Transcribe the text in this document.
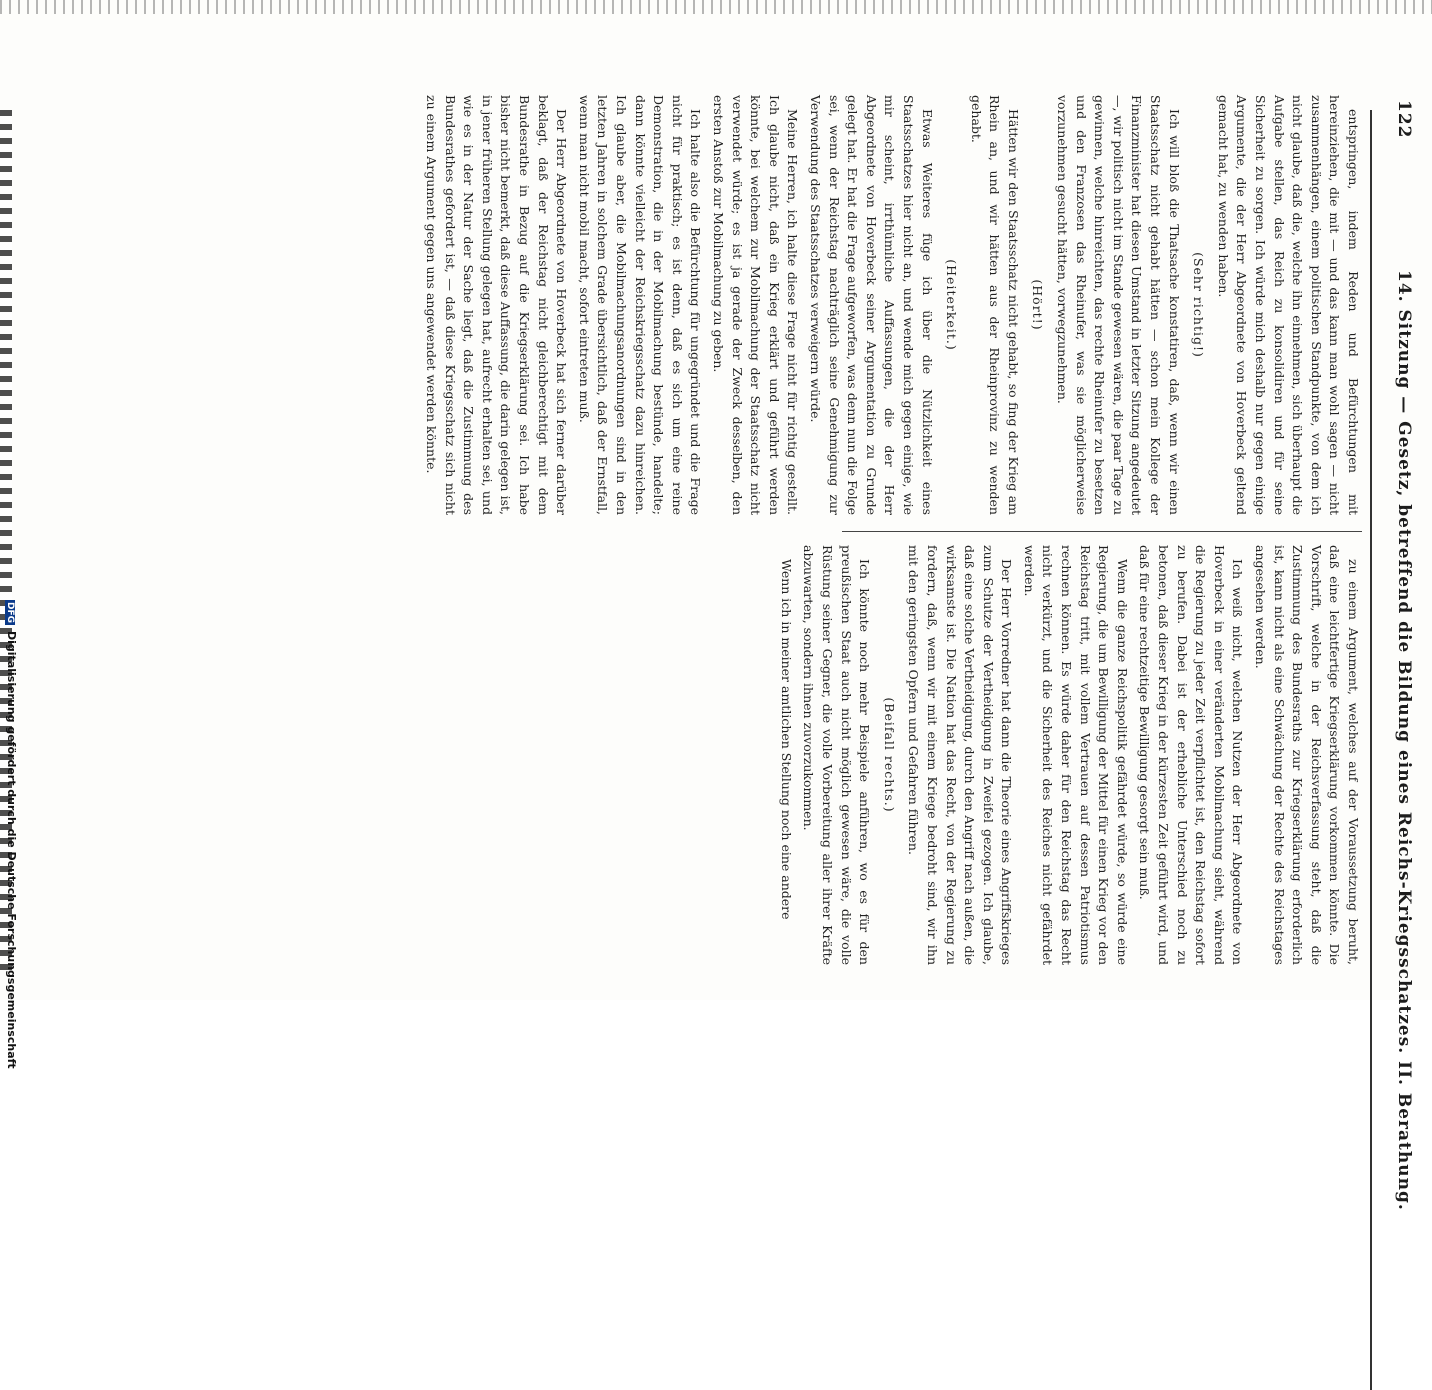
122
14. Sitzung — Gesetz, betreffend die Bildung eines Reichs-Kriegsschatzes. II. Berathung.

entspringen, indem Reden und Befürchtungen mit hereinziehen, die mit — und das kann man wohl sagen — nicht zusammenhängen, einem politischen Standpunkte, von dem ich nicht glaube, daß die, welche ihn einnehmen, sich überhaupt die Aufgabe stellen, das Reich zu konsolidiren und für seine Sicherheit zu sorgen. Ich würde mich deshalb nur gegen einige Argumente, die der Herr Abgeordnete von Hoverbeck geltend gemacht hat, zu wenden haben.

(Sehr richtig!)

Ich will bloß die Thatsache konstatiren, daß, wenn wir einen Staatsschatz nicht gehabt hätten — schon mein Kollege der Finanzminister hat diesen Umstand in letzter Sitzung angedeutet —, wir politisch nicht im Stande gewesen wären, die paar Tage zu gewinnen, welche hinreichten, das rechte Rheinufer zu besetzen und den Franzosen das Rheinufer, was sie möglicherweise vorzunehmen gesucht hätten, vorwegzunehmen.

(Hört!)

Hätten wir den Staatsschatz nicht gehabt, so fing der Krieg am Rhein an, und wir hätten aus der Rheinprovinz zu wenden gehabt.

(Heiterkeit.)

Etwas Weiteres füge ich über die Nützlichkeit eines Staatsschatzes hier nicht an, und wende mich gegen einige, wie mir scheint, irrthümliche Auffassungen, die der Herr Abgeordnete von Hoverbeck seiner Argumentation zu Grunde gelegt hat. Er hat die Frage aufgeworfen, was denn nun die Folge sei, wenn der Reichstag nachträglich seine Genehmigung zur Verwendung des Staatsschatzes verweigern würde.

Meine Herren, ich halte diese Frage nicht für richtig gestellt. Ich glaube nicht, daß ein Krieg erklärt und geführt werden könnte, bei welchem zur Mobilmachung der Staatsschatz nicht verwendet würde; es ist ja gerade der Zweck desselben, den ersten Anstoß zur Mobilmachung zu geben.

Ich halte also die Befürchtung für ungegründet und die Frage nicht für praktisch; es ist denn, daß es sich um eine reine Demonstration, die in der Mobilmachung bestünde, handelte; dann könnte vielleicht der Reichskriegsschatz dazu hinreichen. Ich glaube aber, die Mobilmachungsanordnungen sind in den letzten Jahren in solchem Grade übersichtlich, daß der Ernstfall, wenn man nicht mobil macht, sofort eintreten muß.

Der Herr Abgeordnete von Hoverbeck hat sich ferner darüber beklagt, daß der Reichstag nicht gleichberechtigt mit dem Bundesrathe in Bezug auf die Kriegserklärung sei. Ich habe bisher nicht bemerkt, daß diese Auffassung, die darin gelegen ist, in jener früheren Stellung gelegen hat, aufrecht erhalten sei, und wie es in der Natur der Sache liegt, daß die Zustimmung des Bundesrathes gefordert ist, — daß diese Kriegsschatz sich nicht zu einem Argument gegen uns angewendet werden könnte.

zu einem Argument, welches auf der Voraussetzung beruht, daß eine leichtfertige Kriegserklärung vorkommen könnte. Die Vorschrift, welche in der Reichsverfassung steht, daß die Zustimmung des Bundesraths zur Kriegserklärung erforderlich ist, kann nicht als eine Schwächung der Rechte des Reichstages angesehen werden.

Ich weiß nicht, welchen Nutzen der Herr Abgeordnete von Hoverbeck in einer veränderten Mobilmachung sieht, während die Regierung zu jeder Zeit verpflichtet ist, den Reichstag sofort zu berufen. Dabei ist der erhebliche Unterschied noch zu betonen, daß dieser Krieg in der kürzesten Zeit geführt wird, und daß für eine rechtzeitige Bewilligung gesorgt sein muß.

Wenn die ganze Reichspolitik gefährdet würde, so würde eine Regierung, die um Bewilligung der Mittel für einen Krieg vor den Reichstag tritt, mit vollem Vertrauen auf dessen Patriotismus rechnen können. Es würde daher für den Reichstag das Recht nicht verkürzt, und die Sicherheit des Reiches nicht gefährdet werden.

Der Herr Vorredner hat dann die Theorie eines Angriffskrieges zum Schutze der Vertheidigung in Zweifel gezogen. Ich glaube, daß eine solche Vertheidigung, durch den Angriff nach außen, die wirksamste ist. Die Nation hat das Recht, von der Regierung zu fordern, daß, wenn wir mit einem Kriege bedroht sind, wir ihn mit den geringsten Opfern und Gefahren führen.

(Beifall rechts.)

Ich könnte noch mehr Beispiele anführen, wo es für den preußischen Staat auch nicht möglich gewesen wäre, die volle Rüstung seiner Gegner, die volle Vorbereitung aller ihrer Kräfte abzuwarten, sondern ihnen zuvorzukommen.

Wenn ich in meiner amtlichen Stellung noch eine andere

DFGDigitalisierung gefördert durch die Deutsche Forschungsgemeinschaft
